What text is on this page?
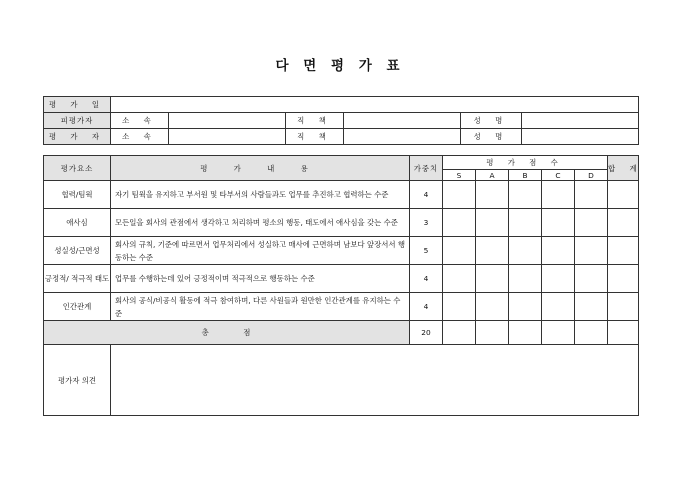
다 면 평 가 표
평 가 일						
피평가자	소 속		직 책		성 명	
평 가 자	소 속		직 책		성 명	
평가요소	평 가 내 용	가중치	평 가 점 수					합 계
			S	A	B	C	D	
협력/팀웍	자기 팀웍을 유지하고 부서원 및 타부서의 사람들과도 업무를 추진하고 협력하는 수준	4						
애사심	모든일을 회사의 관점에서 생각하고 처리하며 평소의 행동, 태도에서 애사심을 갖는 수준	3						
성실성/근면성	회사의 규칙, 기준에 따르면서 업무처리에서 성실하고 매사에 근면하며 남보다 앞장서서 행동하는 수준	5						
긍정적/ 적극적 태도	업무를 수행하는데 있어 긍정적이며 적극적으로 행동하는 수준	4						
인간관계	회사의 공식/비공식 활동에 적극 참여하며, 다른 사원들과 원만한 인간관계를 유지하는 수준	4						
총          점		20						
평가자 의견								
